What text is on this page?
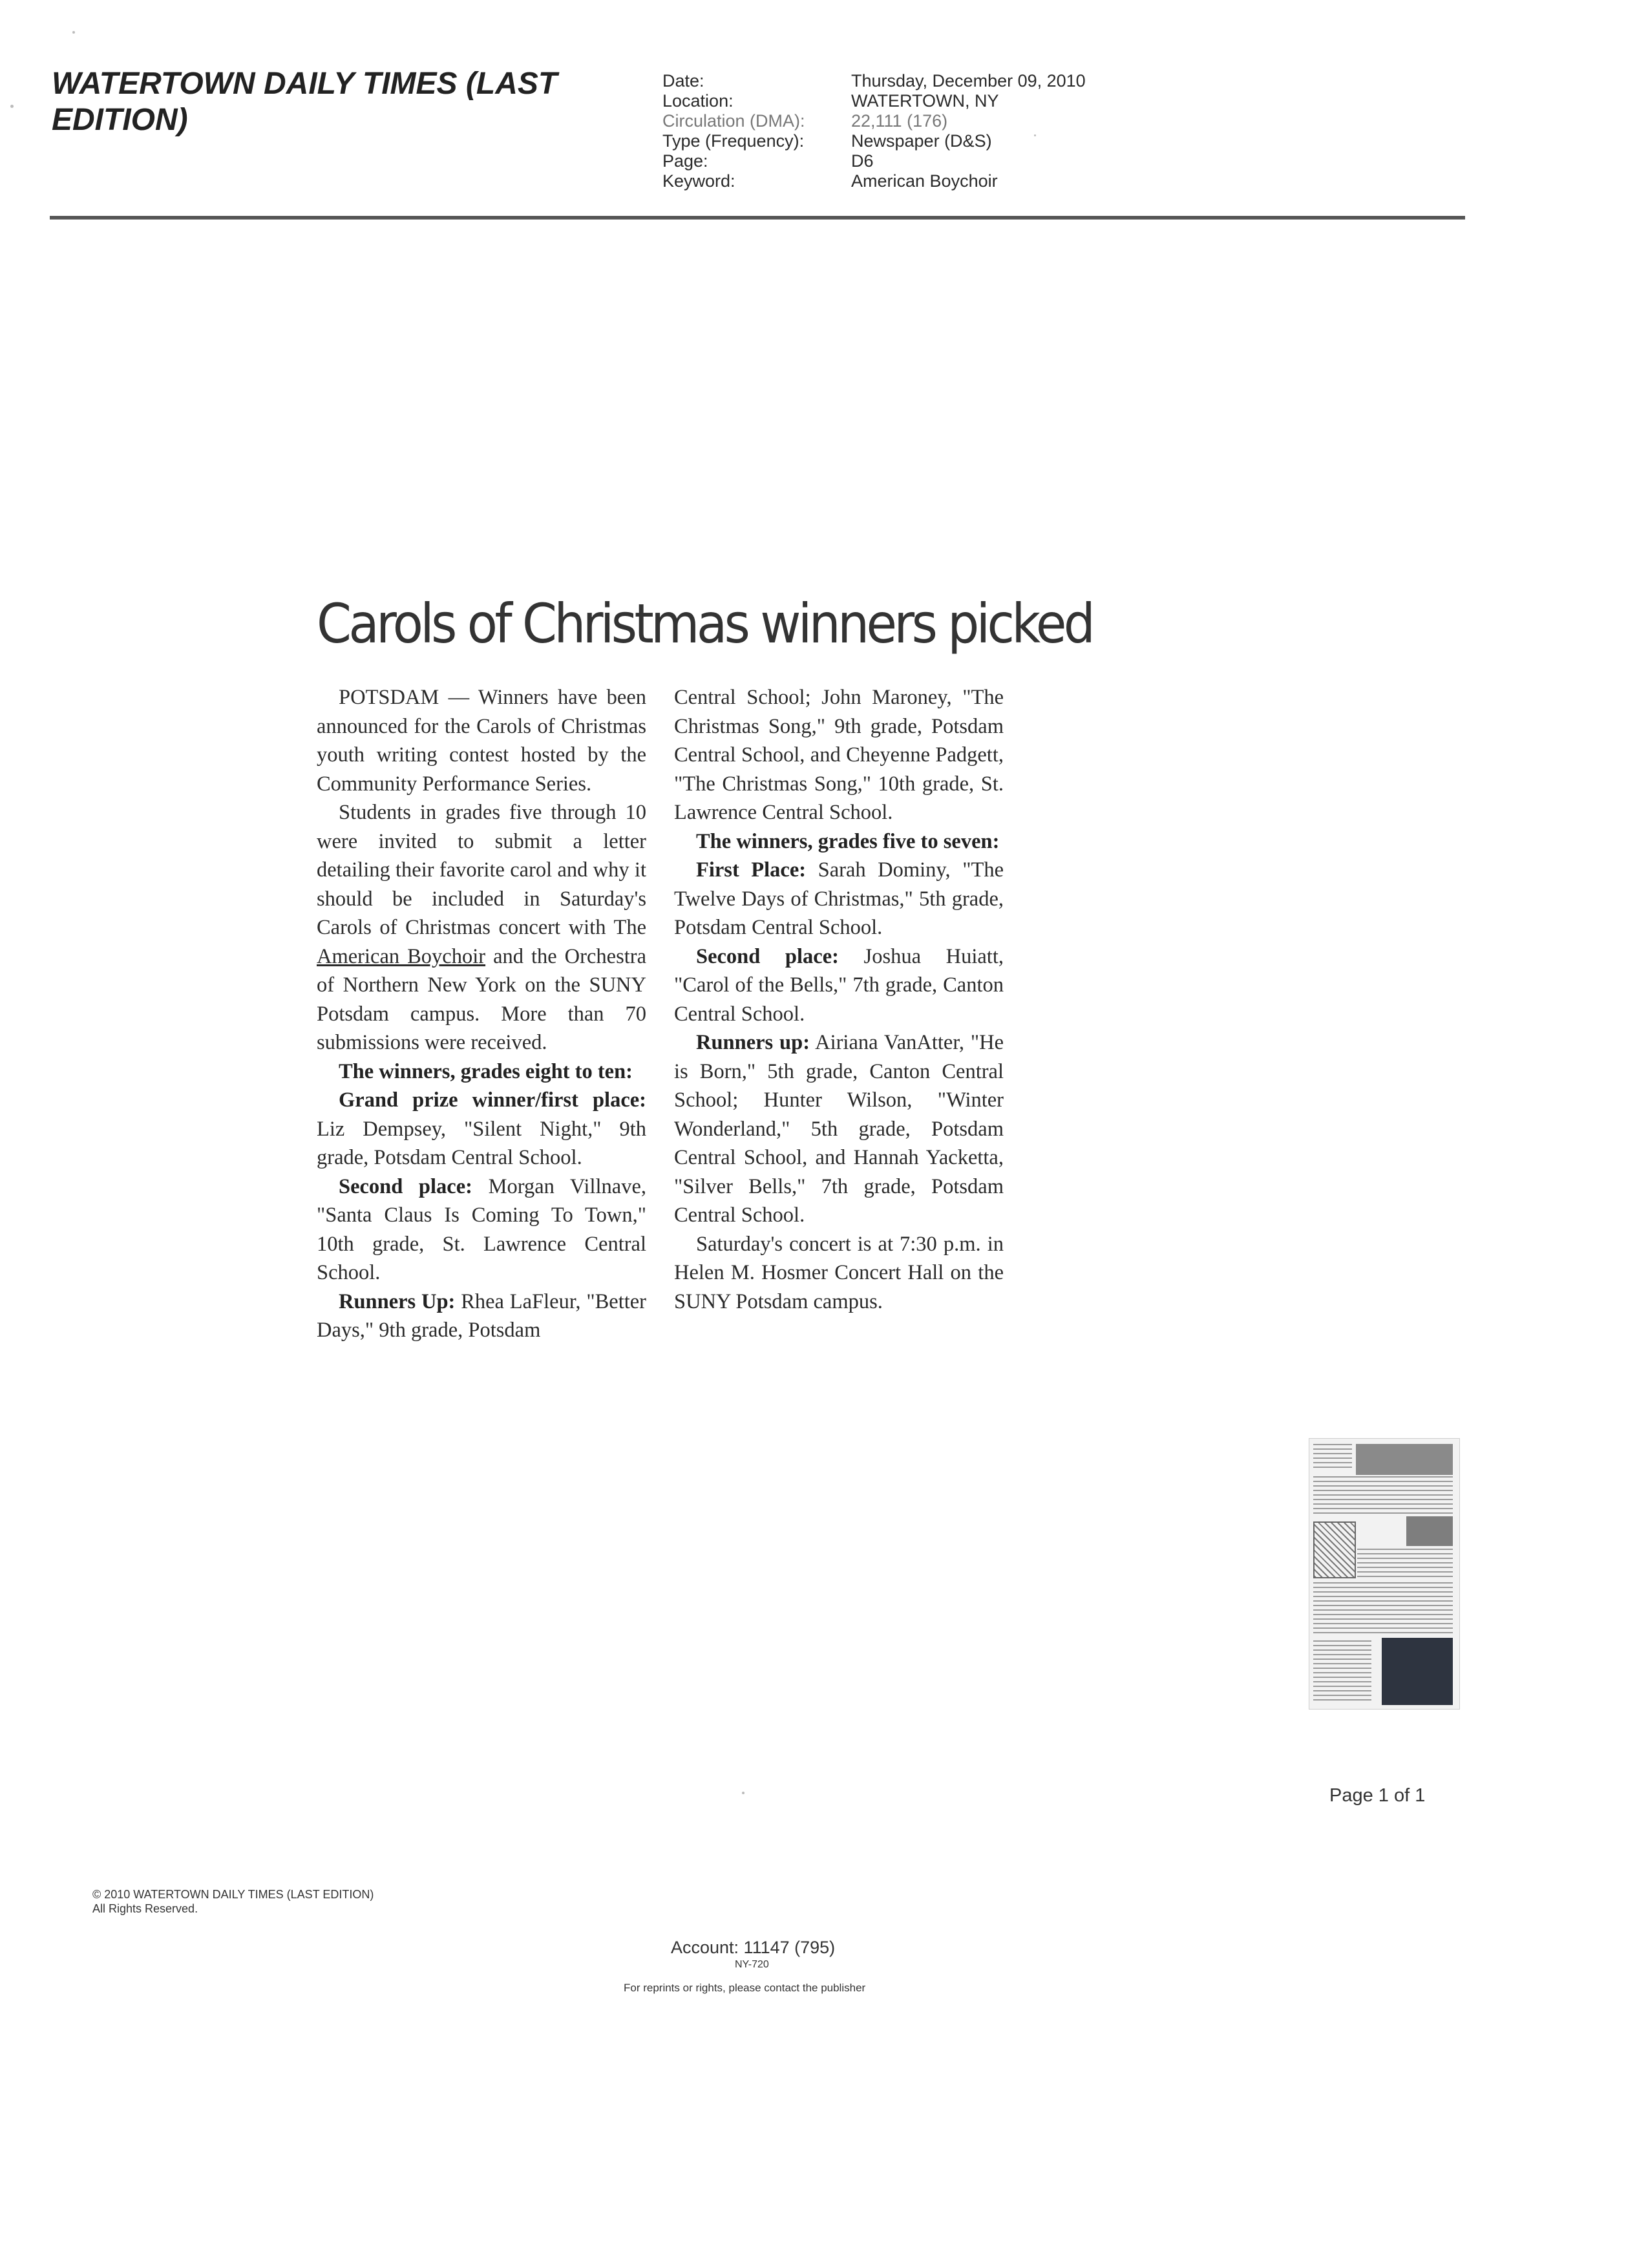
WATERTOWN DAILY TIMES (LAST EDITION)
Date:
Location:
Circulation (DMA):
Type (Frequency):
Page:
Keyword:
Thursday, December 09, 2010
WATERTOWN, NY
22,111 (176)
Newspaper (D&S)
D6
American Boychoir
Carols of Christmas winners picked

POTSDAM — Winners have been announced for the Carols of Christmas youth writing contest hosted by the Community Performance Series.

Students in grades five through 10 were invited to submit a letter detailing their favorite carol and why it should be included in Saturday's Carols of Christmas concert with The American Boychoir and the Orchestra of Northern New York on the SUNY Potsdam campus. More than 70 submissions were received.

The winners, grades eight to ten:

Grand prize winner/first place: Liz Dempsey, "Silent Night," 9th grade, Potsdam Central School.

Second place: Morgan Villnave, "Santa Claus Is Coming To Town," 10th grade, St. Lawrence Central School.

Runners Up: Rhea LaFleur, "Better Days," 9th grade, Potsdam

Central School; John Maroney, "The Christmas Song," 9th grade, Potsdam Central School, and Cheyenne Padgett, "The Christmas Song," 10th grade, St. Lawrence Central School.

The winners, grades five to seven:

First Place: Sarah Dominy, "The Twelve Days of Christmas," 5th grade, Potsdam Central School.

Second place: Joshua Huiatt, "Carol of the Bells," 7th grade, Canton Central School.

Runners up: Airiana VanAtter, "He is Born," 5th grade, Canton Central School; Hunter Wilson, "Winter Wonderland," 5th grade, Potsdam Central School, and Hannah Yacketta, "Silver Bells," 7th grade, Potsdam Central School.

Saturday's concert is at 7:30 p.m. in Helen M. Hosmer Concert Hall on the SUNY Potsdam campus.

Page 1 of 1
© 2010 WATERTOWN DAILY TIMES (LAST EDITION)
All Rights Reserved.
Account: 11147 (795)
NY-720
For reprints or rights, please contact the publisher
